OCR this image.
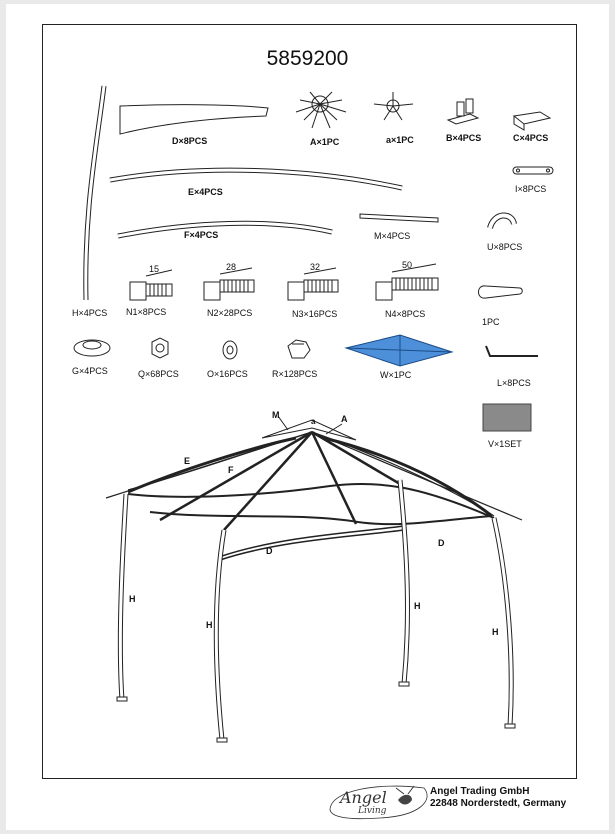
5859200
D×8PCS	A×1PC	a×1PC	B×4PCS	C×4PCS
E×4PCS	I×8PCS
F×4PCS	M×4PCS
U×8PCS
15	28	32	50
H×4PCS N1×8PCS	N2×28PCS	N3×16PCS	N4×8PCS
1PC
G×4PCS	Q×68PCS	O×16PCS	R×128PCS	W×1PC
L×8PCS
V×1SET
M
a	A
E
F
D
D
H
H
H
H
Angel
Living
Angel Trading GmbH
22848 Norderstedt, Germany
